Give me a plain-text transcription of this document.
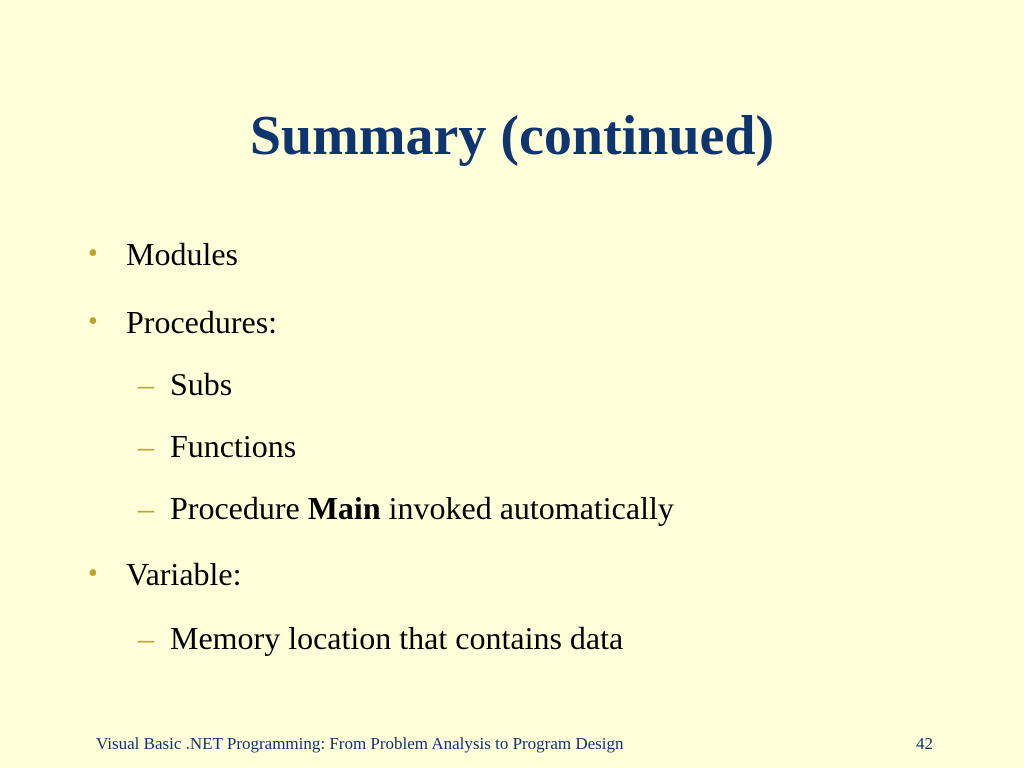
Summary (continued)
• Modules
• Procedures:
– Subs
– Functions
– Procedure Main invoked automatically
• Variable:
– Memory location that contains data
Visual Basic .NET Programming: From Problem Analysis to Program Design	42
